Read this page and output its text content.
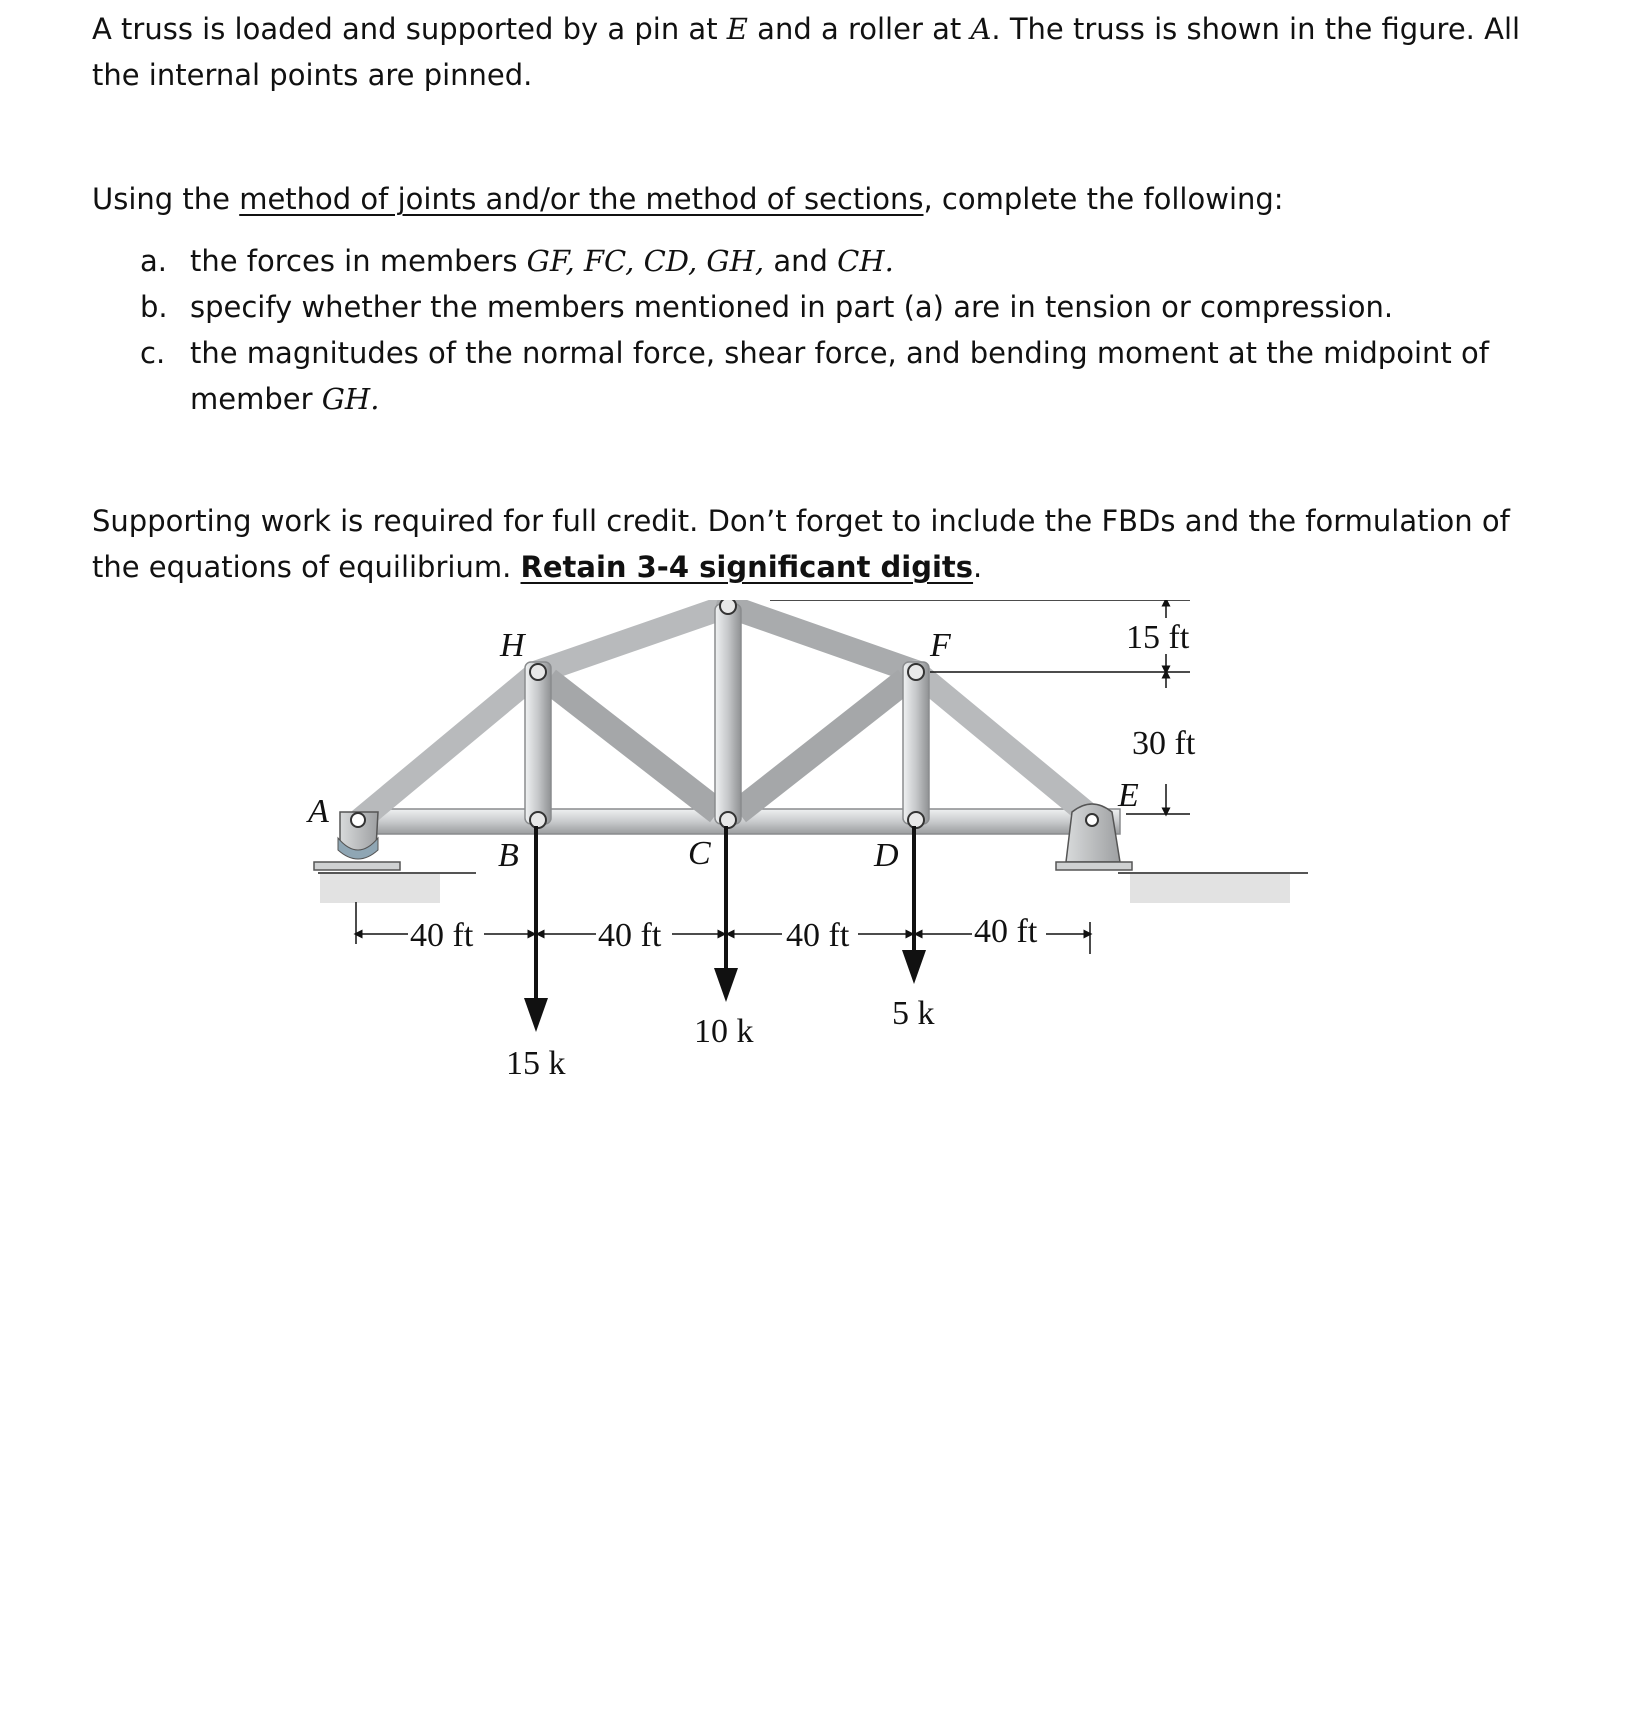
A truss is loaded and supported by a pin at E and a roller at A. The truss is shown in the figure. All the internal points are pinned.
Using the method of joints and/or the method of sections, complete the following:
a. the forces in members GF, FC, CD, GH, and CH.
b. specify whether the members mentioned in part (a) are in tension or compression.
c. the magnitudes of the normal force, shear force, and bending moment at the midpoint of member GH.
Supporting work is required for full credit. Don’t forget to include the FBDs and the formulation of the equations of equilibrium. Retain 3-4 significant digits.
H	F
A
B	C	D
E
40 ft	40 ft	40 ft	40 ft
15 ft
30 ft
15 k
10 k	5 k
